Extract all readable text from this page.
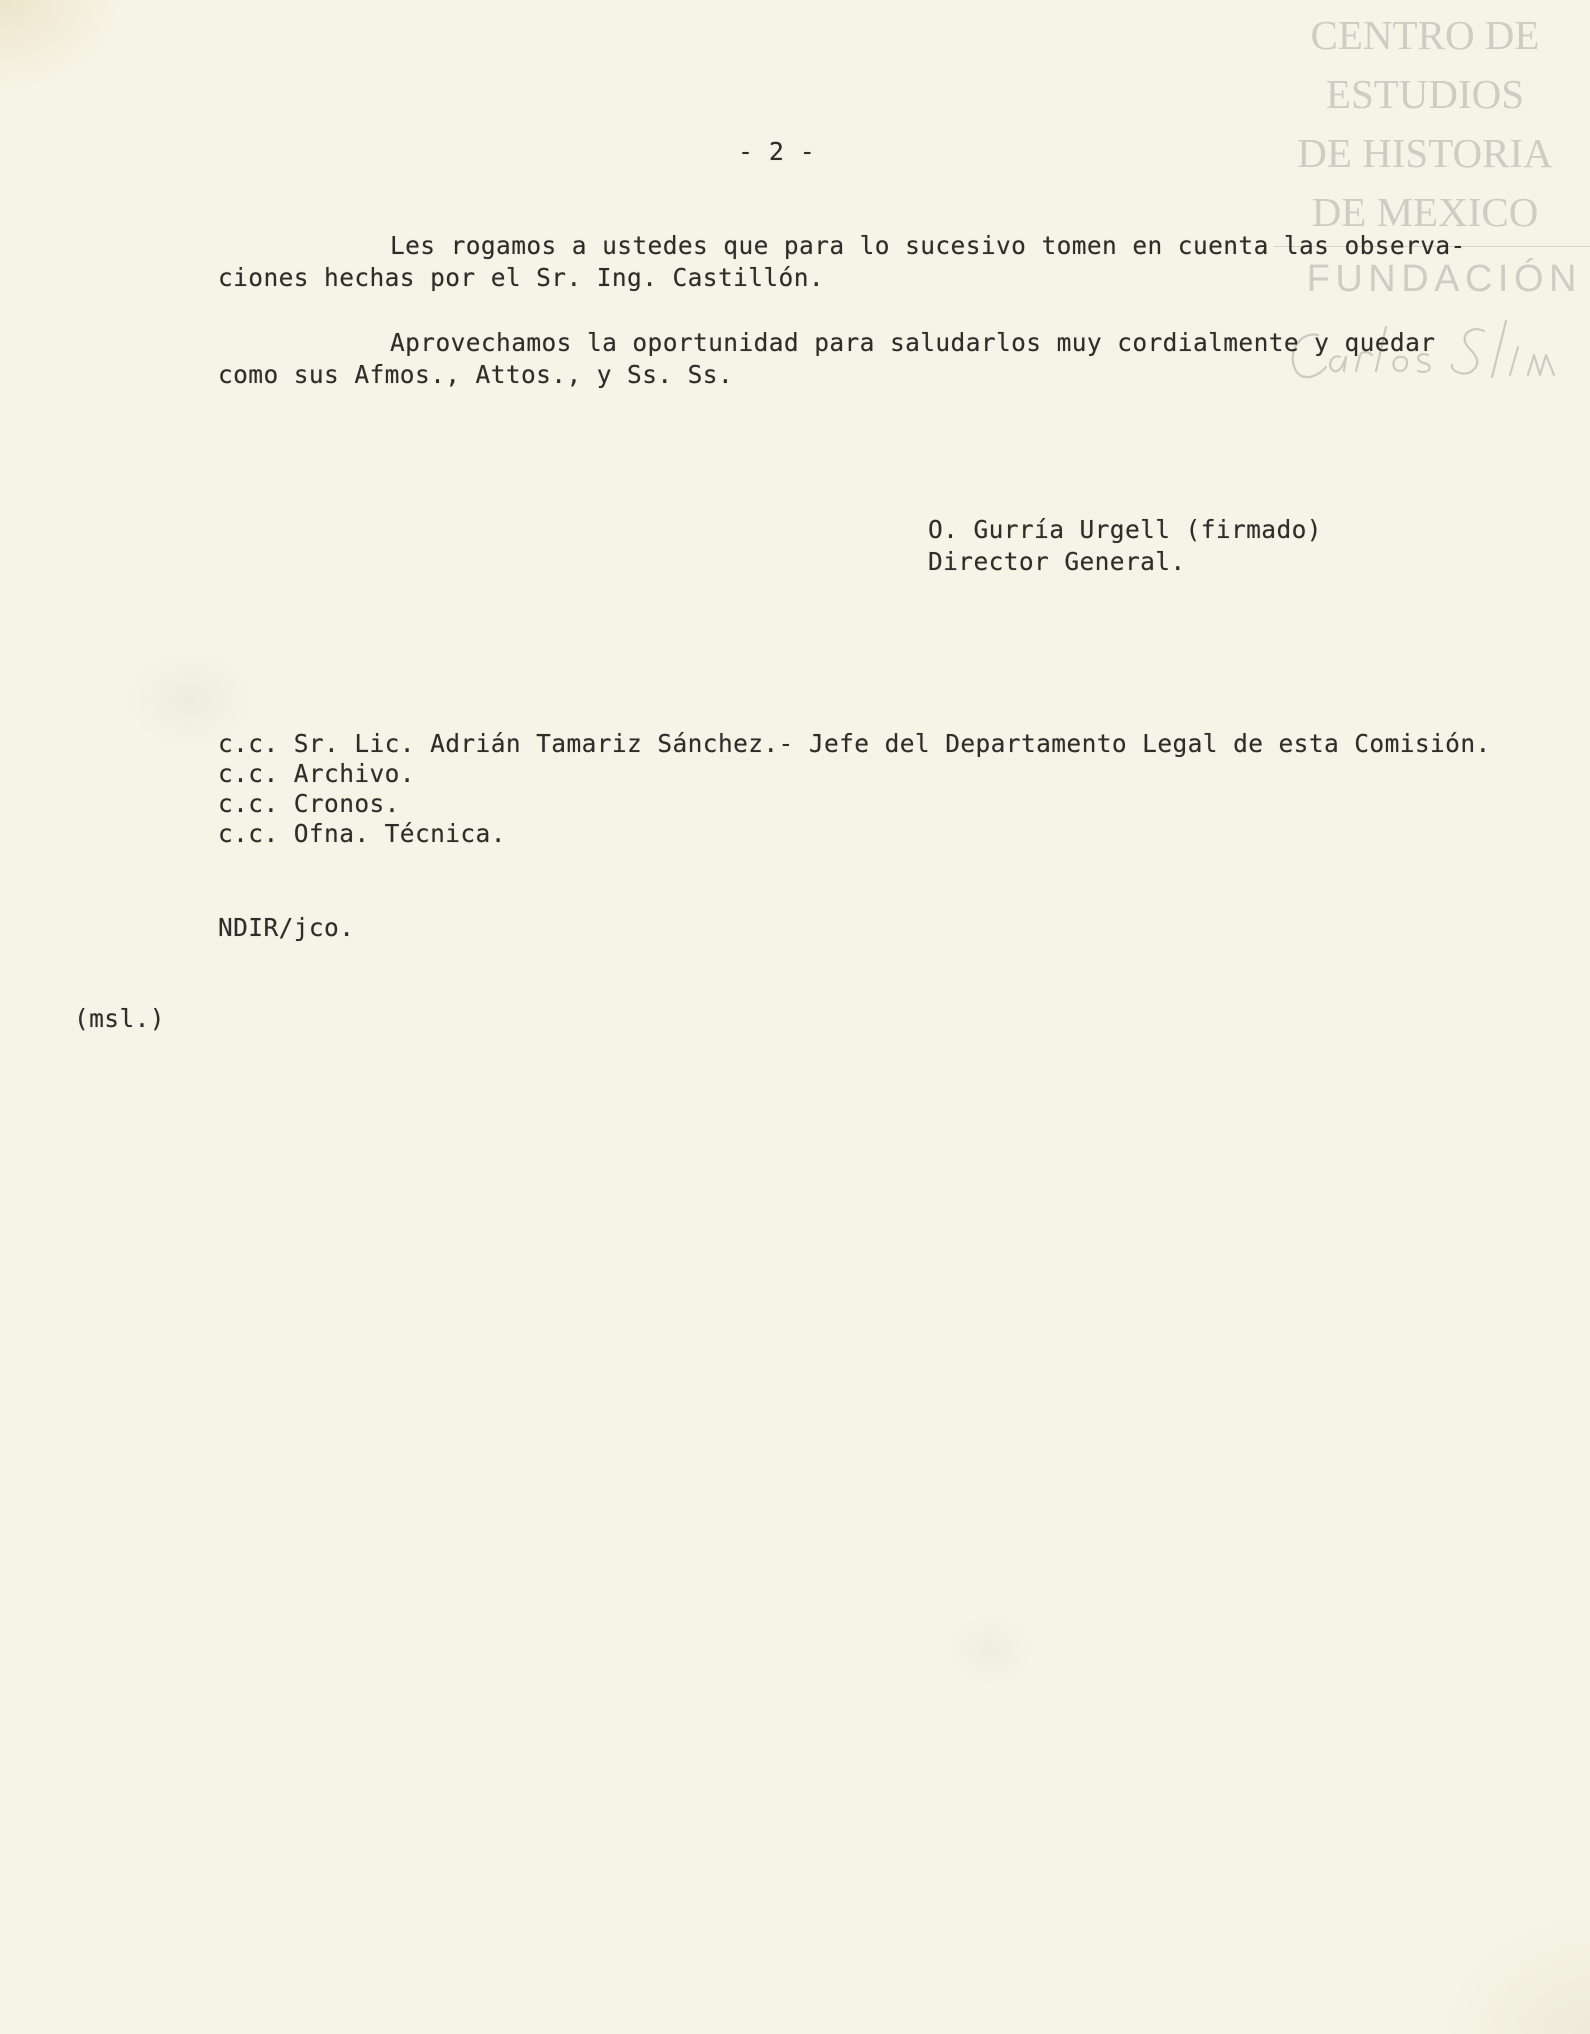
CENTRO DE
ESTUDIOS
DE HISTORIA
DE MEXICO
FUNDACIÓN
- 2 -
Les rogamos a ustedes que para lo sucesivo tomen en cuenta las observa-
ciones hechas por el Sr. Ing. Castillón.
Aprovechamos la oportunidad para saludarlos muy cordialmente y quedar
como sus Afmos., Attos., y Ss. Ss.
O. Gurría Urgell (firmado)
Director General.
c.c. Sr. Lic. Adrián Tamariz Sánchez.- Jefe del Departamento Legal de esta Comisión.
c.c. Archivo.
c.c. Cronos.
c.c. Ofna. Técnica.
NDIR/jco.
(msl.)
